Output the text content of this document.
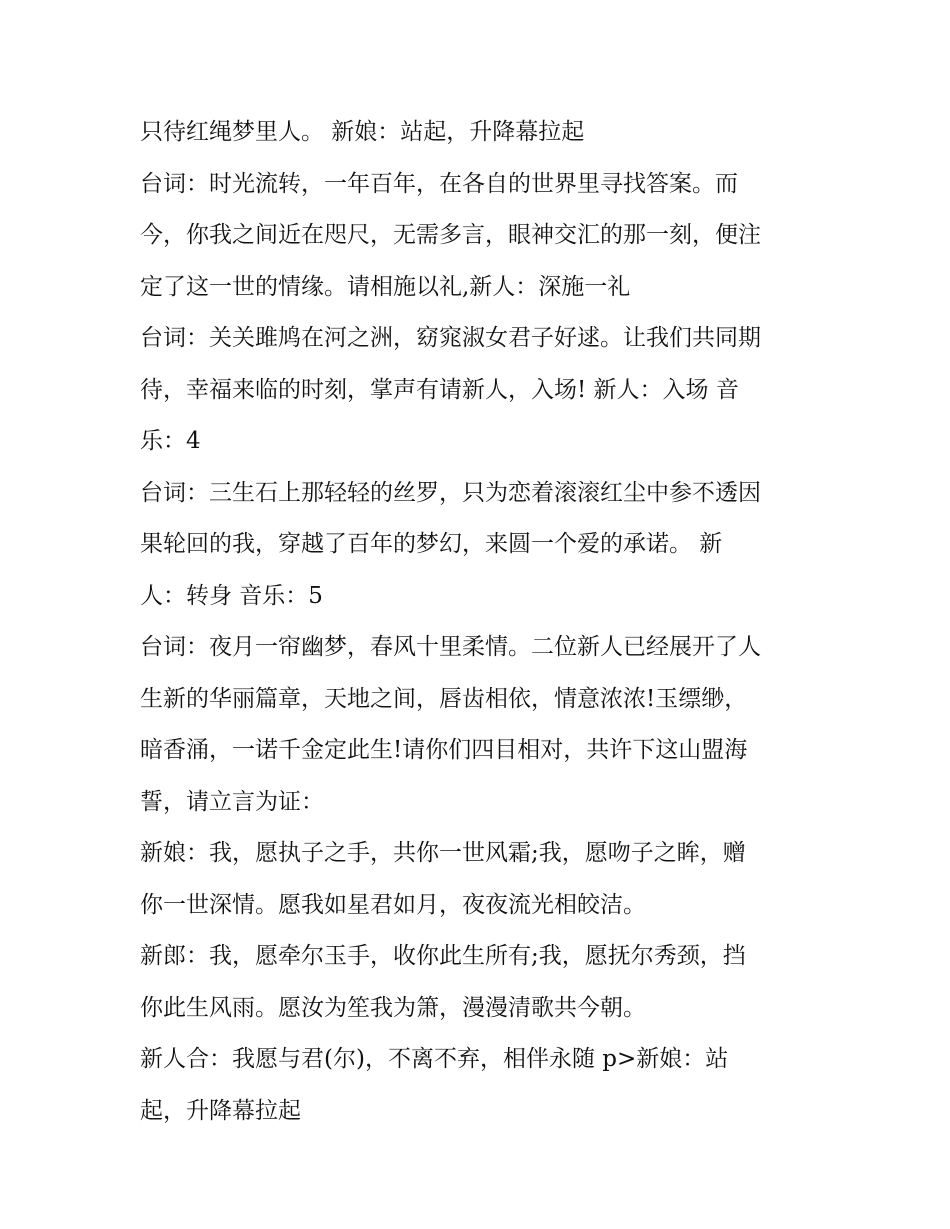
只待红绳梦里人。 新娘：站起，升降幕拉起
台词：时光流转，一年百年，在各自的世界里寻找答案。而
今，你我之间近在咫尺，无需多言，眼神交汇的那一刻，便注
定了这一世的情缘。请相施以礼,新人：深施一礼
台词：关关雎鸠在河之洲，窈窕淑女君子好逑。让我们共同期
待，幸福来临的时刻，掌声有请新人，入场! 新人：入场 音
乐：4
台词：三生石上那轻轻的丝罗，只为恋着滚滚红尘中参不透因
果轮回的我，穿越了百年的梦幻，来圆一个爱的承诺。 新
人：转身 音乐：5
台词：夜月一帘幽梦，春风十里柔情。二位新人已经展开了人
生新的华丽篇章，天地之间，唇齿相依，情意浓浓!玉缥缈，
暗香涌，一诺千金定此生!请你们四目相对，共许下这山盟海
誓，请立言为证：
新娘：我，愿执子之手，共你一世风霜;我，愿吻子之眸，赠
你一世深情。愿我如星君如月，夜夜流光相皎洁。
新郎：我，愿牵尔玉手，收你此生所有;我，愿抚尔秀颈，挡
你此生风雨。愿汝为笙我为箫，漫漫清歌共今朝。
新人合：我愿与君(尔)，不离不弃，相伴永随 p>新娘：站
起，升降幕拉起
